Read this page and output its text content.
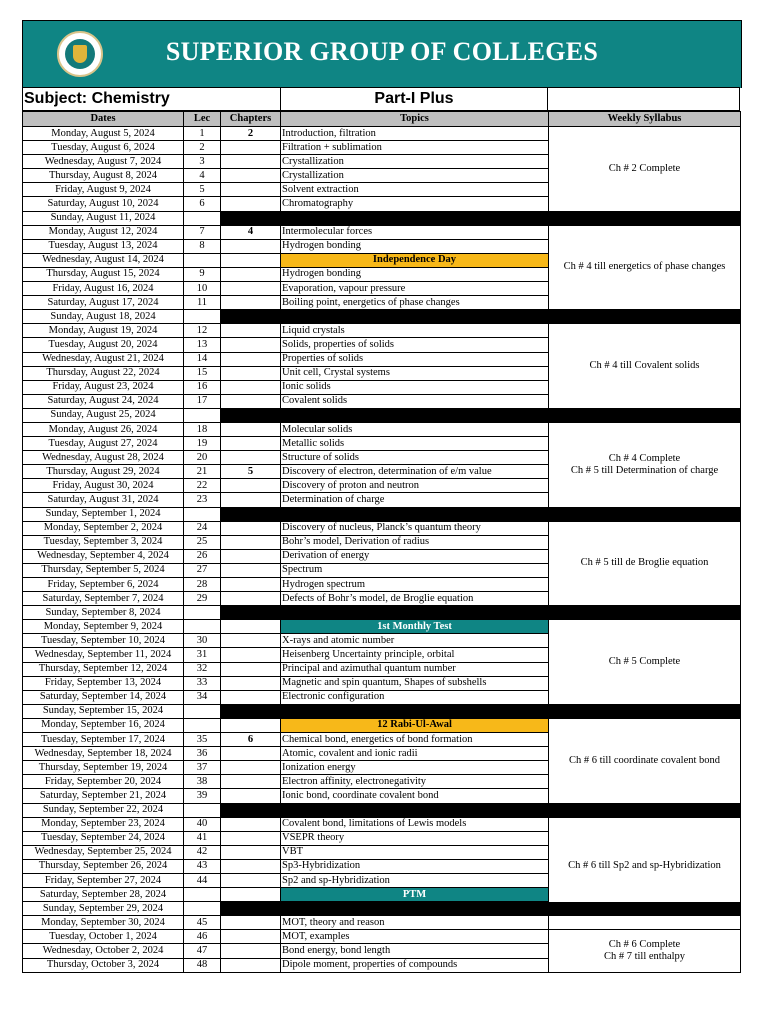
SUPERIOR GROUP OF COLLEGES
Subject: Chemistry	Part-I Plus
Dates	Lec	Chapters	Topics	Weekly Syllabus
Monday, August 5, 2024	1	2	Introduction, filtration	Ch # 2 Complete
Tuesday, August 6, 2024	2		Filtration + sublimation	
Wednesday, August 7, 2024	3		Crystallization	
Thursday, August 8, 2024	4		Crystallization	
Friday, August 9, 2024	5		Solvent extraction	
Saturday, August 10, 2024	6		Chromatography	
Sunday, August 11, 2024				
Monday, August 12, 2024	7	4	Intermolecular forces	Ch # 4 till energetics of phase changes
Tuesday, August 13, 2024	8		Hydrogen bonding	
Wednesday, August 14, 2024			Independence Day	
Thursday, August 15, 2024	9		Hydrogen bonding	
Friday, August 16, 2024	10		Evaporation, vapour pressure	
Saturday, August 17, 2024	11		Boiling point, energetics of phase changes	
Sunday, August 18, 2024				
Monday, August 19, 2024	12		Liquid crystals	Ch # 4 till Covalent solids
Tuesday, August 20, 2024	13		Solids, properties of solids	
Wednesday, August 21, 2024	14		Properties of solids	
Thursday, August 22, 2024	15		Unit cell, Crystal systems	
Friday, August 23, 2024	16		Ionic solids	
Saturday, August 24, 2024	17		Covalent solids	
Sunday, August 25, 2024				
Monday, August 26, 2024	18		Molecular solids	Ch # 4 Complete
Ch # 5 till Determination of charge
Tuesday, August 27, 2024	19		Metallic solids	
Wednesday, August 28, 2024	20		Structure of solids	
Thursday, August 29, 2024	21	5	Discovery of electron, determination of e/m value	
Friday, August 30, 2024	22		Discovery of proton and neutron	
Saturday, August 31, 2024	23		Determination of charge	
Sunday, September 1, 2024				
Monday, September 2, 2024	24		Discovery of nucleus, Planck’s quantum theory	Ch # 5 till de Broglie equation
Tuesday, September 3, 2024	25		Bohr’s model, Derivation of radius	
Wednesday, September 4, 2024	26		Derivation of energy	
Thursday, September 5, 2024	27		Spectrum	
Friday, September 6, 2024	28		Hydrogen spectrum	
Saturday, September 7, 2024	29		Defects of Bohr’s model, de Broglie equation	
Sunday, September 8, 2024				
Monday, September 9, 2024			1st Monthly Test	Ch # 5 Complete
Tuesday, September 10, 2024	30		X-rays and atomic number	
Wednesday, September 11, 2024	31		Heisenberg Uncertainty principle, orbital	
Thursday, September 12, 2024	32		Principal and azimuthal quantum number	
Friday, September 13, 2024	33		Magnetic and spin quantum, Shapes of subshells	
Saturday, September 14, 2024	34		Electronic configuration	
Sunday, September 15, 2024				
Monday, September 16, 2024			12 Rabi-Ul-Awal	Ch # 6 till coordinate covalent bond
Tuesday, September 17, 2024	35	6	Chemical bond, energetics of bond formation	
Wednesday, September 18, 2024	36		Atomic, covalent and ionic radii	
Thursday, September 19, 2024	37		Ionization energy	
Friday, September 20, 2024	38		Electron affinity, electronegativity	
Saturday, September 21, 2024	39		Ionic bond, coordinate covalent bond	
Sunday, September 22, 2024				
Monday, September 23, 2024	40		Covalent bond, limitations of Lewis models	Ch # 6 till Sp2 and sp-Hybridization
Tuesday, September 24, 2024	41		VSEPR theory	
Wednesday, September 25, 2024	42		VBT	
Thursday, September 26, 2024	43		Sp3-Hybridization	
Friday, September 27, 2024	44		Sp2 and sp-Hybridization	
Saturday, September 28, 2024			PTM	
Sunday, September 29, 2024				
Monday, September 30, 2024	45		MOT, theory and reason	
Tuesday, October 1, 2024	46		MOT, examples	Ch # 6 Complete
Ch # 7 till enthalpy
Wednesday, October 2, 2024	47		Bond energy, bond length	
Thursday, October 3, 2024	48		Dipole moment, properties of compounds	
